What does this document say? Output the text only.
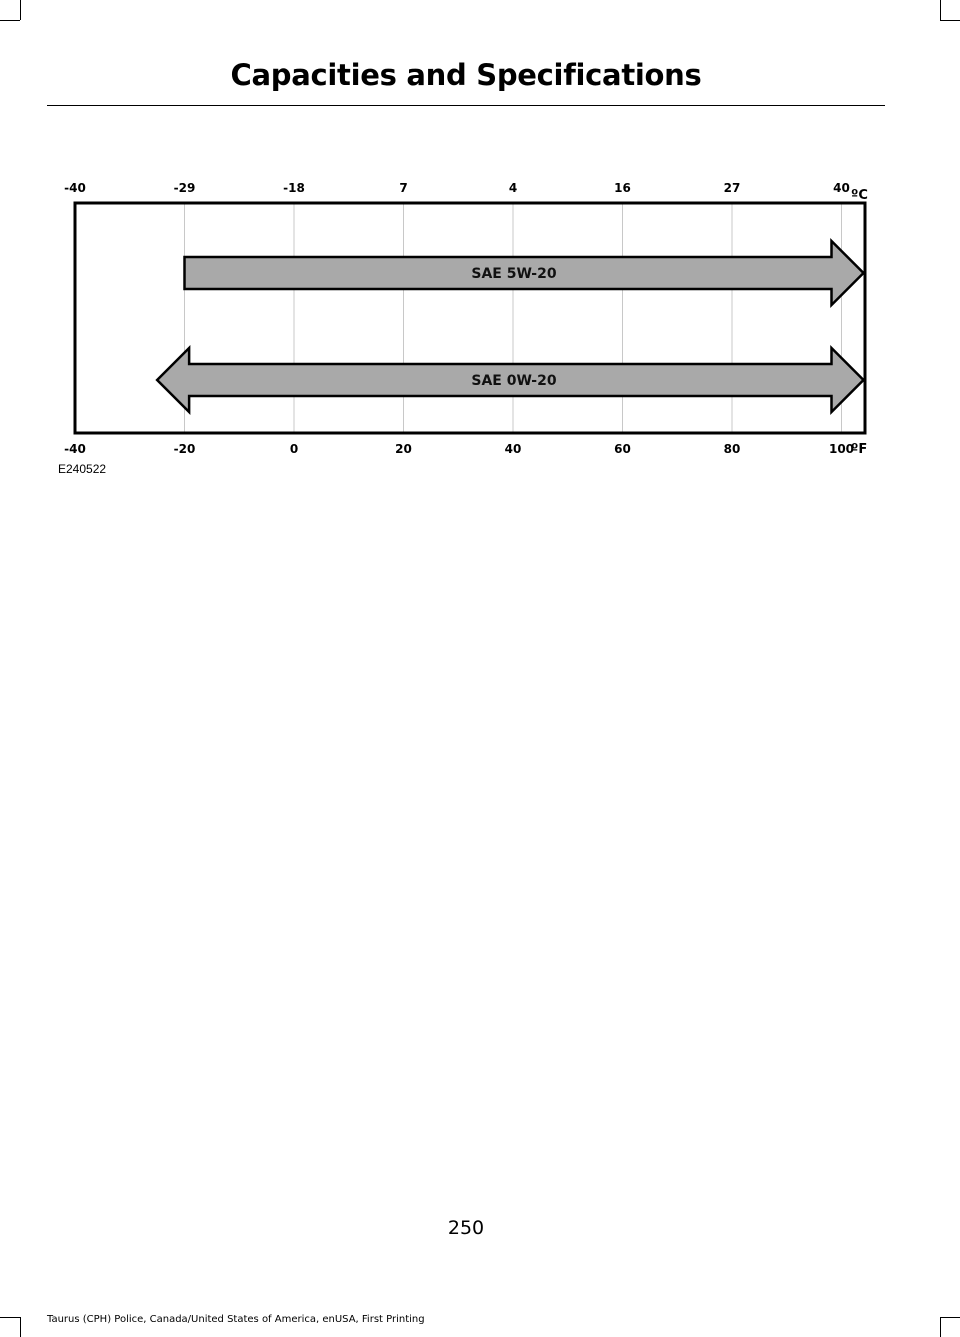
Capacities and Specifications
SAE 5W-20
SAE 0W-20
-40	-29	-18	7	4	16	27	40
-40	-20	0	20	40	60	80	100
ºC
ºF
E240522
250
Taurus (CPH) Police, Canada/United States of America, enUSA, First Printing
